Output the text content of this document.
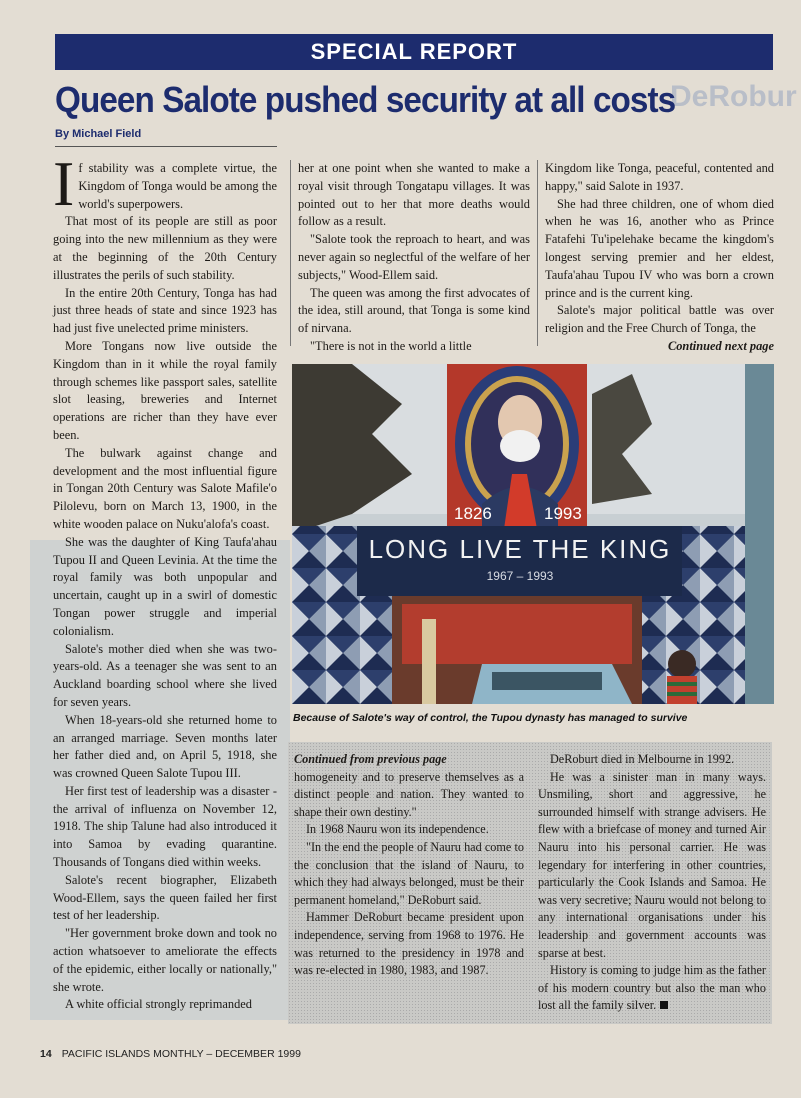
SPECIAL REPORT
DeRobur
Queen Salote pushed security at all costs
By Michael Field

If stability was a complete virtue, the Kingdom of Tonga would be among the world's superpowers.

That most of its people are still as poor going into the new millennium as they were at the beginning of the 20th Century illustrates the perils of such stability.

In the entire 20th Century, Tonga has had just three heads of state and since 1923 has had just five unelected prime ministers.

More Tongans now live outside the Kingdom than in it while the royal family through schemes like passport sales, satellite slot leasing, breweries and Internet operations are richer than they have ever been.

The bulwark against change and development and the most influential figure in Tongan 20th Century was Salote Mafile'o Pilolevu, born on March 13, 1900, in the white wooden palace on Nuku'alofa's coast.

She was the daughter of King Taufa'ahau Tupou II and Queen Levinia. At the time the royal family was both unpopular and uncertain, caught up in a swirl of domestic Tongan power struggle and imperial colonialism.

Salote's mother died when she was two-years-old. As a teenager she was sent to an Auckland boarding school where she lived for seven years.

When 18-years-old she returned home to an arranged marriage. Seven months later her father died and, on April 5, 1918, she was crowned Queen Salote Tupou III.

Her first test of leadership was a disaster - the arrival of influenza on November 12, 1918. The ship Talune had also introduced it into Samoa by evading quarantine. Thousands of Tongans died within weeks.

Salote's recent biographer, Elizabeth Wood-Ellem, says the queen failed her first test of her leadership.

"Her government broke down and took no action whatsoever to ameliorate the effects of the epidemic, either locally or nationally," she wrote.

A white official strongly reprimanded

her at one point when she wanted to make a royal visit through Tongatapu villages. It was pointed out to her that more deaths would follow as a result.

"Salote took the reproach to heart, and was never again so neglectful of the welfare of her subjects," Wood-Ellem said.

The queen was among the first advocates of the idea, still around, that Tonga is some kind of nirvana.

"There is not in the world a little

Kingdom like Tonga, peaceful, contented and happy," said Salote in 1937.

She had three children, one of whom died when he was 16, another who as Prince Fatafehi Tu'ipelehake became the kingdom's longest serving premier and her eldest, Taufa'ahau Tupou IV who was born a crown prince and is the current king.

Salote's major political battle was over religion and the Free Church of Tonga, the

Continued next page

1826	1993
LONG LIVE THE KING
1967 – 1993
Because of Salote's way of control, the Tupou dynasty has managed to survive

Continued from previous page

homogeneity and to preserve themselves as a distinct people and nation. They wanted to shape their own destiny."

In 1968 Nauru won its independence.

"In the end the people of Nauru had come to the conclusion that the island of Nauru, to which they had always belonged, must be their permanent homeland," DeRoburt said.

Hammer DeRoburt became president upon independence, serving from 1968 to 1976. He was returned to the presidency in 1978 and was re-elected in 1980, 1983, and 1987.

DeRoburt died in Melbourne in 1992.

He was a sinister man in many ways. Unsmiling, short and aggressive, he surrounded himself with strange advisers. He flew with a briefcase of money and turned Air Nauru into his personal carrier. He was legendary for interfering in other countries, particularly the Cook Islands and Samoa. He was very secretive; Nauru would not belong to any international organisations under his leadership and government accounts was sparse at best.

History is coming to judge him as the father of his modern country but also the man who lost all the family silver.

14 PACIFIC ISLANDS MONTHLY – DECEMBER 1999
